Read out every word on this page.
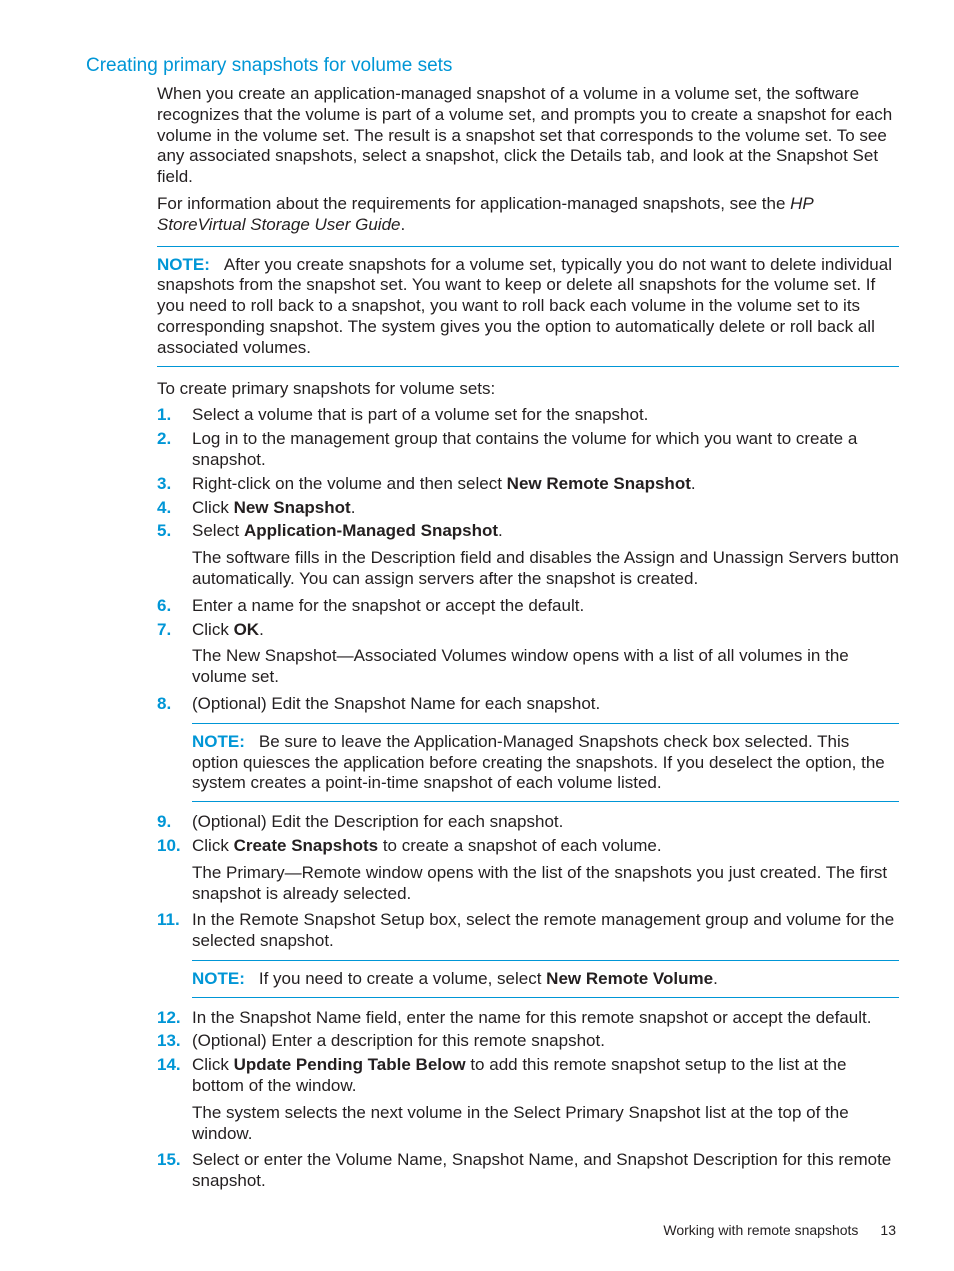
Creating primary snapshots for volume sets

When you create an application-managed snapshot of a volume in a volume set, the software recognizes that the volume is part of a volume set, and prompts you to create a snapshot for each volume in the volume set. The result is a snapshot set that corresponds to the volume set. To see any associated snapshots, select a snapshot, click the Details tab, and look at the Snapshot Set field.

For information about the requirements for application-managed snapshots, see the HP StoreVirtual Storage User Guide.

NOTE: After you create snapshots for a volume set, typically you do not want to delete individual snapshots from the snapshot set. You want to keep or delete all snapshots for the volume set. If you need to roll back to a snapshot, you want to roll back each volume in the volume set to its corresponding snapshot. The system gives you the option to automatically delete or roll back all associated volumes.

To create primary snapshots for volume sets:

1. Select a volume that is part of a volume set for the snapshot.
2. Log in to the management group that contains the volume for which you want to create a snapshot.
3. Right-click on the volume and then select New Remote Snapshot.
4. Click New Snapshot.
5. Select Application-Managed Snapshot.

The software fills in the Description field and disables the Assign and Unassign Servers button automatically. You can assign servers after the snapshot is created.

6. Enter a name for the snapshot or accept the default.
7. Click OK.

The New Snapshot—Associated Volumes window opens with a list of all volumes in the volume set.

8. (Optional) Edit the Snapshot Name for each snapshot.
NOTE: Be sure to leave the Application-Managed Snapshots check box selected. This option quiesces the application before creating the snapshots. If you deselect the option, the system creates a point-in-time snapshot of each volume listed.
9. (Optional) Edit the Description for each snapshot.
10. Click Create Snapshots to create a snapshot of each volume.

The Primary—Remote window opens with the list of the snapshots you just created. The first snapshot is already selected.

11. In the Remote Snapshot Setup box, select the remote management group and volume for the selected snapshot.
NOTE: If you need to create a volume, select New Remote Volume.
12. In the Snapshot Name field, enter the name for this remote snapshot or accept the default.
13. (Optional) Enter a description for this remote snapshot.
14. Click Update Pending Table Below to add this remote snapshot setup to the list at the bottom of the window.

The system selects the next volume in the Select Primary Snapshot list at the top of the window.

15. Select or enter the Volume Name, Snapshot Name, and Snapshot Description for this remote snapshot.
Working with remote snapshots 13
